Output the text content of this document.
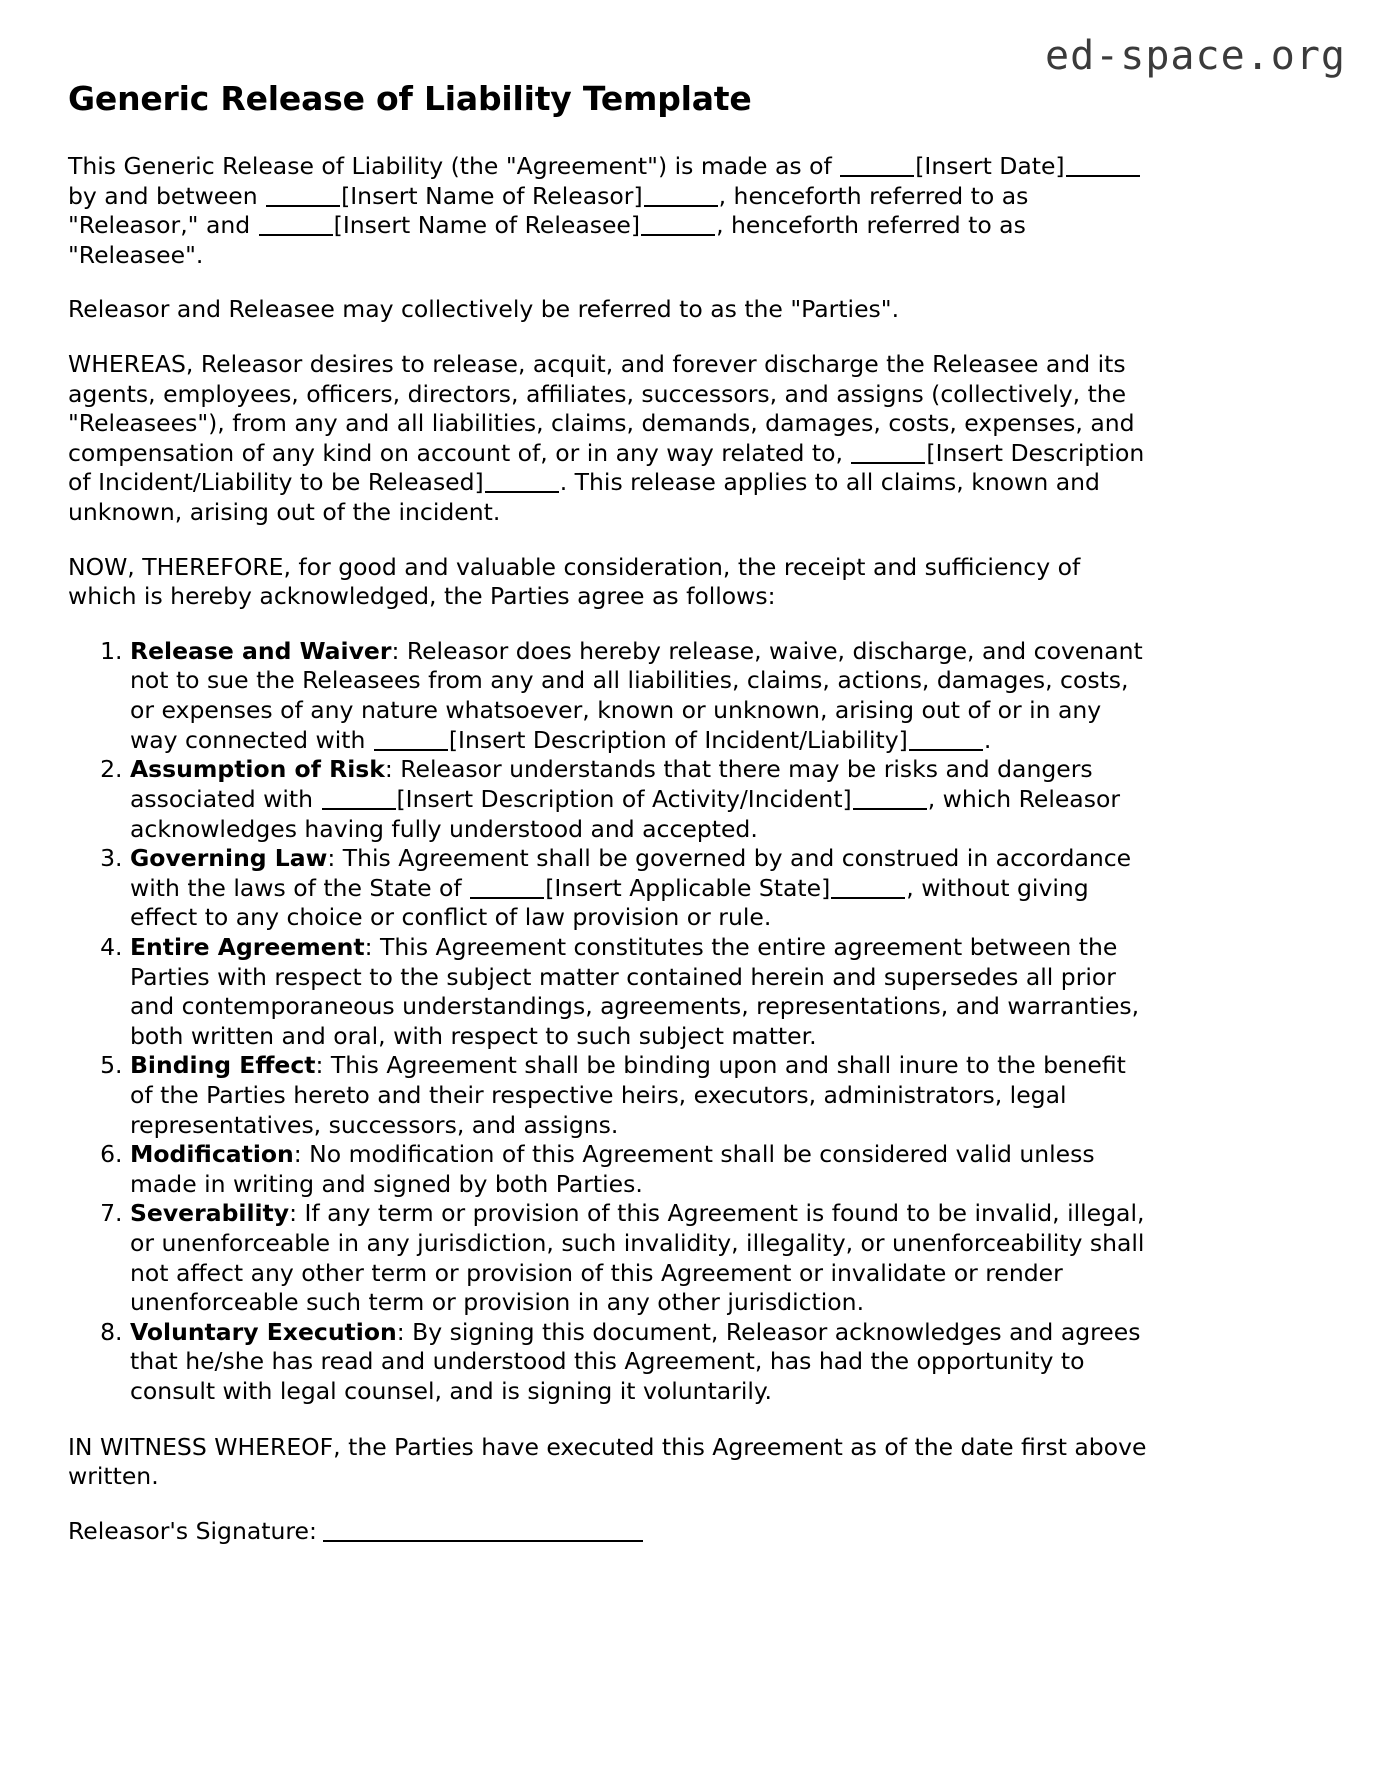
ed-space.org
Generic Release of Liability Template

This Generic Release of Liability (the "Agreement") is made as of	[Insert Date] by and between	[Insert Name of Releasor]	, henceforth referred to as "Releasor," and	[Insert Name of Releasee]	, henceforth referred to as "Releasee".

Releasor and Releasee may collectively be referred to as the "Parties".

WHEREAS, Releasor desires to release, acquit, and forever discharge the Releasee and its agents, employees, officers, directors, affiliates, successors, and assigns (collectively, the "Releasees"), from any and all liabilities, claims, demands, damages, costs, expenses, and compensation of any kind on account of, or in any way related to,	[Insert Description of Incident/Liability to be Released]	. This release applies to all claims, known and unknown, arising out of the incident.

NOW, THEREFORE, for good and valuable consideration, the receipt and sufficiency of which is hereby acknowledged, the Parties agree as follows:

1. Release and Waiver: Releasor does hereby release, waive, discharge, and covenant not to sue the Releasees from any and all liabilities, claims, actions, damages, costs, or expenses of any nature whatsoever, known or unknown, arising out of or in any way connected with	[Insert Description of Incident/Liability]	.
2. Assumption of Risk: Releasor understands that there may be risks and dangers associated with	[Insert Description of Activity/Incident]	, which Releasor acknowledges having fully understood and accepted.
3. Governing Law: This Agreement shall be governed by and construed in accordance with the laws of the State of	[Insert Applicable State]	, without giving effect to any choice or conflict of law provision or rule.
4. Entire Agreement: This Agreement constitutes the entire agreement between the Parties with respect to the subject matter contained herein and supersedes all prior and contemporaneous understandings, agreements, representations, and warranties, both written and oral, with respect to such subject matter.
5. Binding Effect: This Agreement shall be binding upon and shall inure to the benefit of the Parties hereto and their respective heirs, executors, administrators, legal representatives, successors, and assigns.
6. Modification: No modification of this Agreement shall be considered valid unless made in writing and signed by both Parties.
7. Severability: If any term or provision of this Agreement is found to be invalid, illegal, or unenforceable in any jurisdiction, such invalidity, illegality, or unenforceability shall not affect any other term or provision of this Agreement or invalidate or render unenforceable such term or provision in any other jurisdiction.
8. Voluntary Execution: By signing this document, Releasor acknowledges and agrees that he/she has read and understood this Agreement, has had the opportunity to consult with legal counsel, and is signing it voluntarily.

IN WITNESS WHEREOF, the Parties have executed this Agreement as of the date first above written.

Releasor's Signature:
